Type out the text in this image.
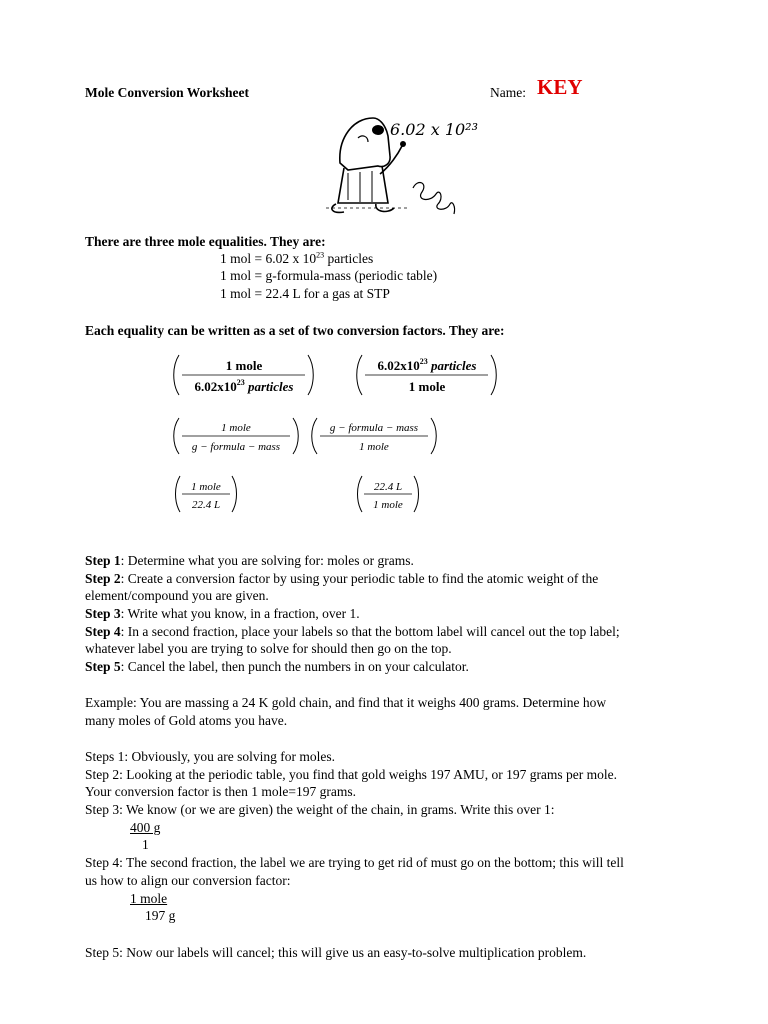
Mole Conversion Worksheet	Name: KEY

6.02 x 10²³

There are three mole equalities. They are:

1 mol = 6.02 x $10^{23}$ particles

1 mol = g-formula-mass (periodic table)

1 mol = 22.4 L for a gas at STP

Each equality can be written as a set of two conversion factors. They are:

1 mole
$6.02x10^{23}$ particles
$6.02x10^{23}$ particles
1 mole
1 mole
g − formula − mass
g − formula − mass
1 mole
1 mole
22.4 L
22.4 L
1 mole

Step 1: Determine what you are solving for: moles or grams.

Step 2: Create a conversion factor by using your periodic table to find the atomic weight of the

element/compound you are given.

Step 3: Write what you know, in a fraction, over 1.

Step 4: In a second fraction, place your labels so that the bottom label will cancel out the top label;

whatever label you are trying to solve for should then go on the top.

Step 5: Cancel the label, then punch the numbers in on your calculator.

Example: You are massing a 24 K gold chain, and find that it weighs 400 grams. Determine how

many moles of Gold atoms you have.

Steps 1: Obviously, you are solving for moles.

Step 2: Looking at the periodic table, you find that gold weighs 197 AMU, or 197 grams per mole.

Your conversion factor is then 1 mole=197 grams.

Step 3: We know (or we are given) the weight of the chain, in grams. Write this over 1:

400 g

1

Step 4: The second fraction, the label we are trying to get rid of must go on the bottom; this will tell

us how to align our conversion factor:

1 mole

197 g

Step 5: Now our labels will cancel; this will give us an easy-to-solve multiplication problem.
